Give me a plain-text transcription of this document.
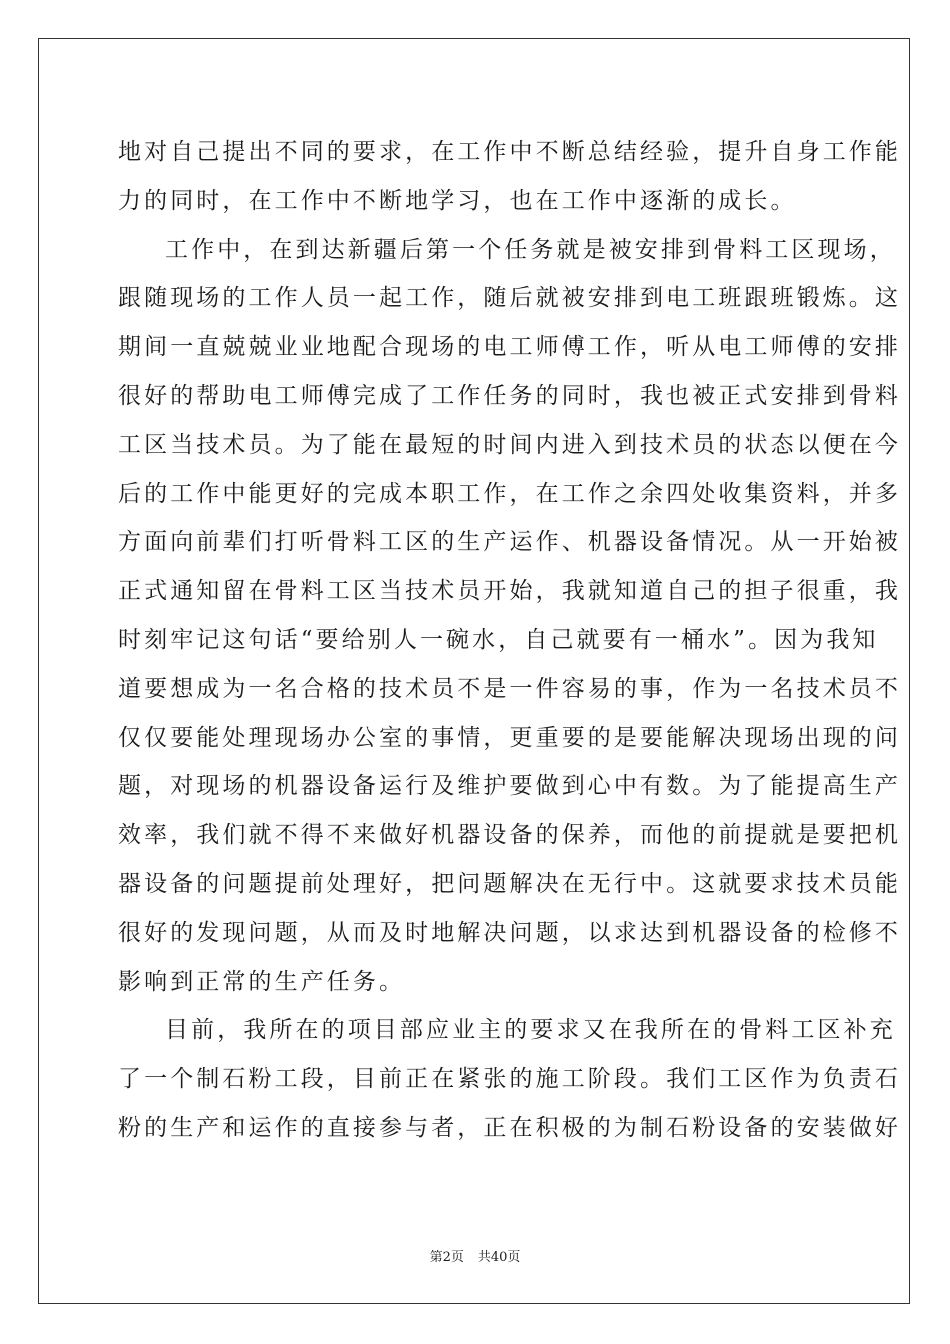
地对自己提出不同的要求，在工作中不断总结经验，提升自身工作能
力的同时，在工作中不断地学习，也在工作中逐渐的成长。
工作中，在到达新疆后第一个任务就是被安排到骨料工区现场，
跟随现场的工作人员一起工作，随后就被安排到电工班跟班锻炼。这
期间一直兢兢业业地配合现场的电工师傅工作，听从电工师傅的安排
很好的帮助电工师傅完成了工作任务的同时，我也被正式安排到骨料
工区当技术员。为了能在最短的时间内进入到技术员的状态以便在今
后的工作中能更好的完成本职工作，在工作之余四处收集资料，并多
方面向前辈们打听骨料工区的生产运作、机器设备情况。从一开始被
正式通知留在骨料工区当技术员开始，我就知道自己的担子很重，我
时刻牢记这句话“要给别人一碗水，自己就要有一桶水”。因为我知
道要想成为一名合格的技术员不是一件容易的事，作为一名技术员不
仅仅要能处理现场办公室的事情，更重要的是要能解决现场出现的问
题，对现场的机器设备运行及维护要做到心中有数。为了能提高生产
效率，我们就不得不来做好机器设备的保养，而他的前提就是要把机
器设备的问题提前处理好，把问题解决在无行中。这就要求技术员能
很好的发现问题，从而及时地解决问题，以求达到机器设备的检修不
影响到正常的生产任务。
目前，我所在的项目部应业主的要求又在我所在的骨料工区补充
了一个制石粉工段，目前正在紧张的施工阶段。我们工区作为负责石
粉的生产和运作的直接参与者，正在积极的为制石粉设备的安装做好
第2页 共40页
